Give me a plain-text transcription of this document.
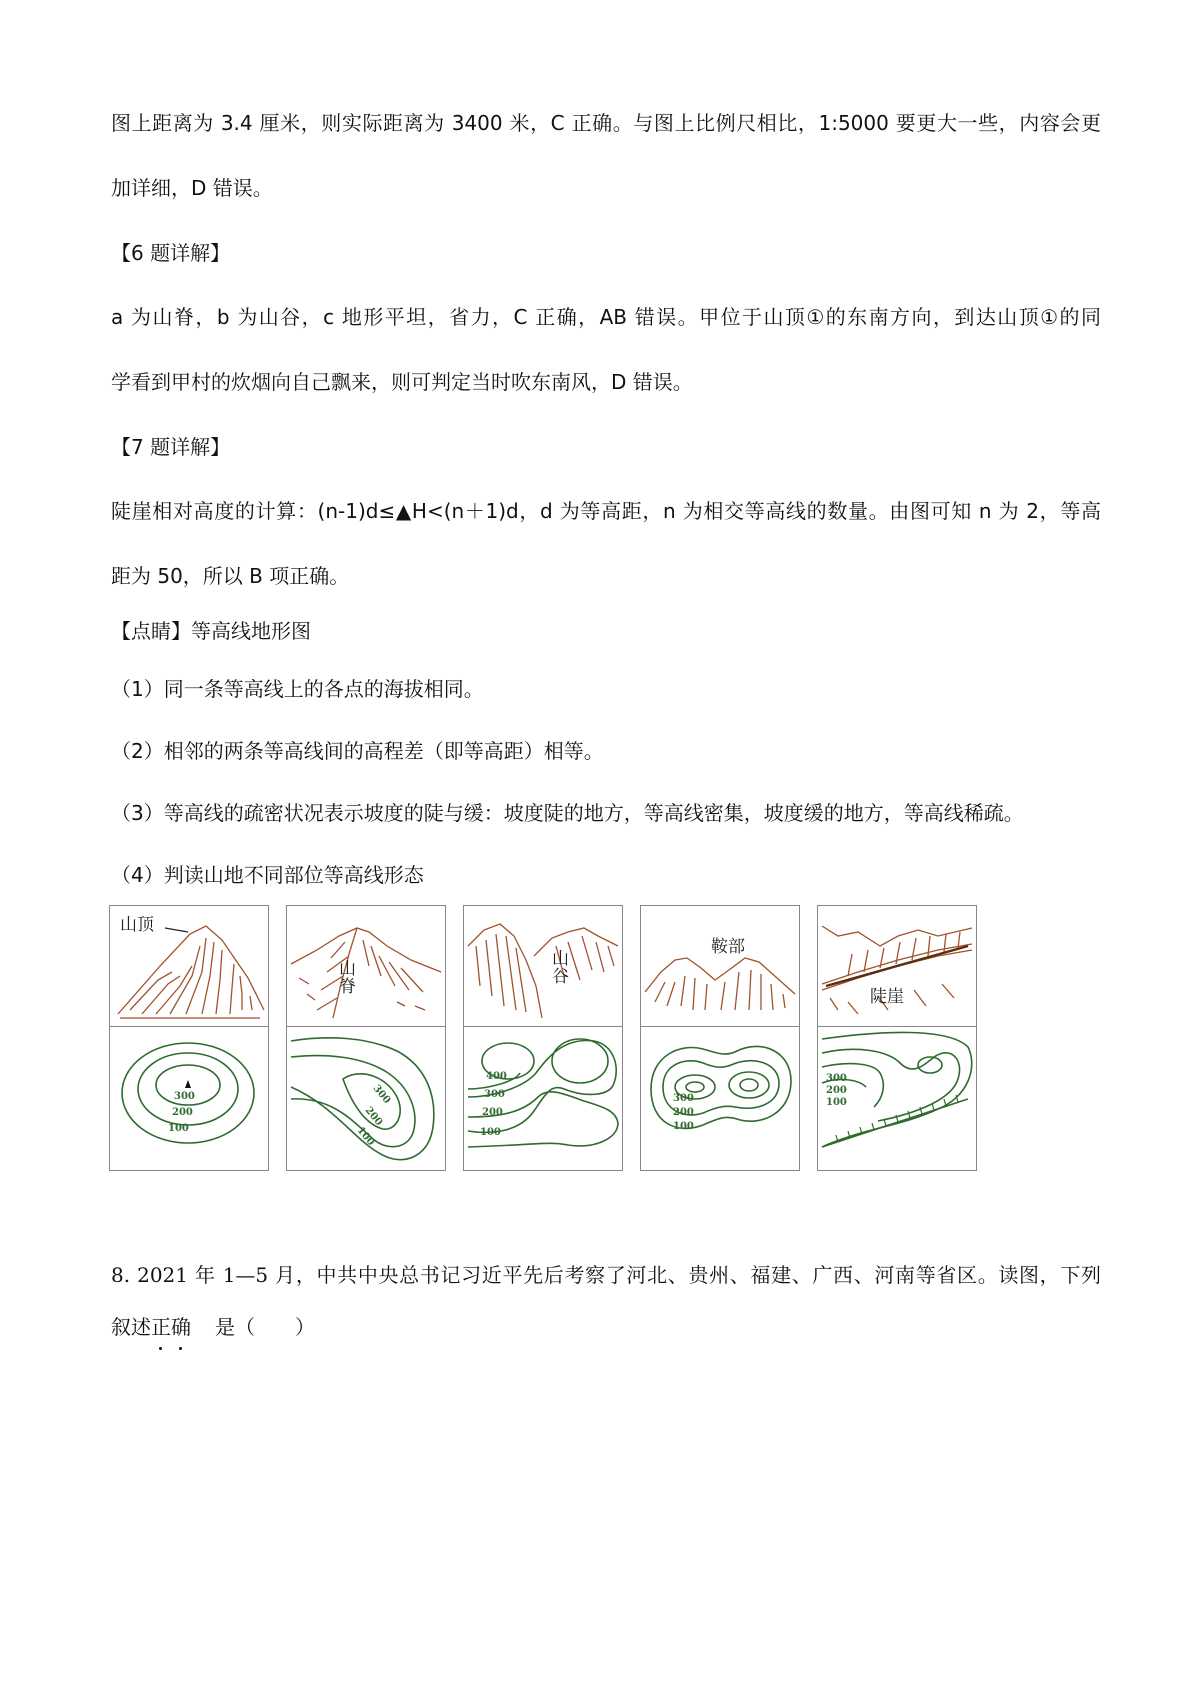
图上距离为 3.4 厘米，则实际距离为 3400 米，C 正确。与图上比例尺相比，1:5000 要更大一些，内容会更
加详细，D 错误。
【6 题详解】
a 为山脊，b 为山谷，c 地形平坦，省力，C 正确，AB 错误。甲位于山顶①的东南方向，到达山顶①的同
学看到甲村的炊烟向自己飘来，则可判定当时吹东南风，D 错误。
【7 题详解】
陡崖相对高度的计算：(n-1)d≤▲H<(n＋1)d，d 为等高距，n 为相交等高线的数量。由图可知 n 为 2，等高
距为 50，所以 B 项正确。
【点睛】等高线地形图
（1）同一条等高线上的各点的海拔相同。
（2）相邻的两条等高线间的高程差（即等高距）相等。
（3）等高线的疏密状况表示坡度的陡与缓：坡度陡的地方，等高线密集，坡度缓的地方，等高线稀疏。
（4）判读山地不同部位等高线形态
山顶
300
200
100
山脊
300
200
100
山谷
400
300
200
100
鞍部
300
200
100
陡崖
300
200
100
8. 2021 年 1—5 月，中共中央总书记习近平先后考察了河北、贵州、福建、广西、河南等省区。读图，下列
叙述正确 是（　　）
